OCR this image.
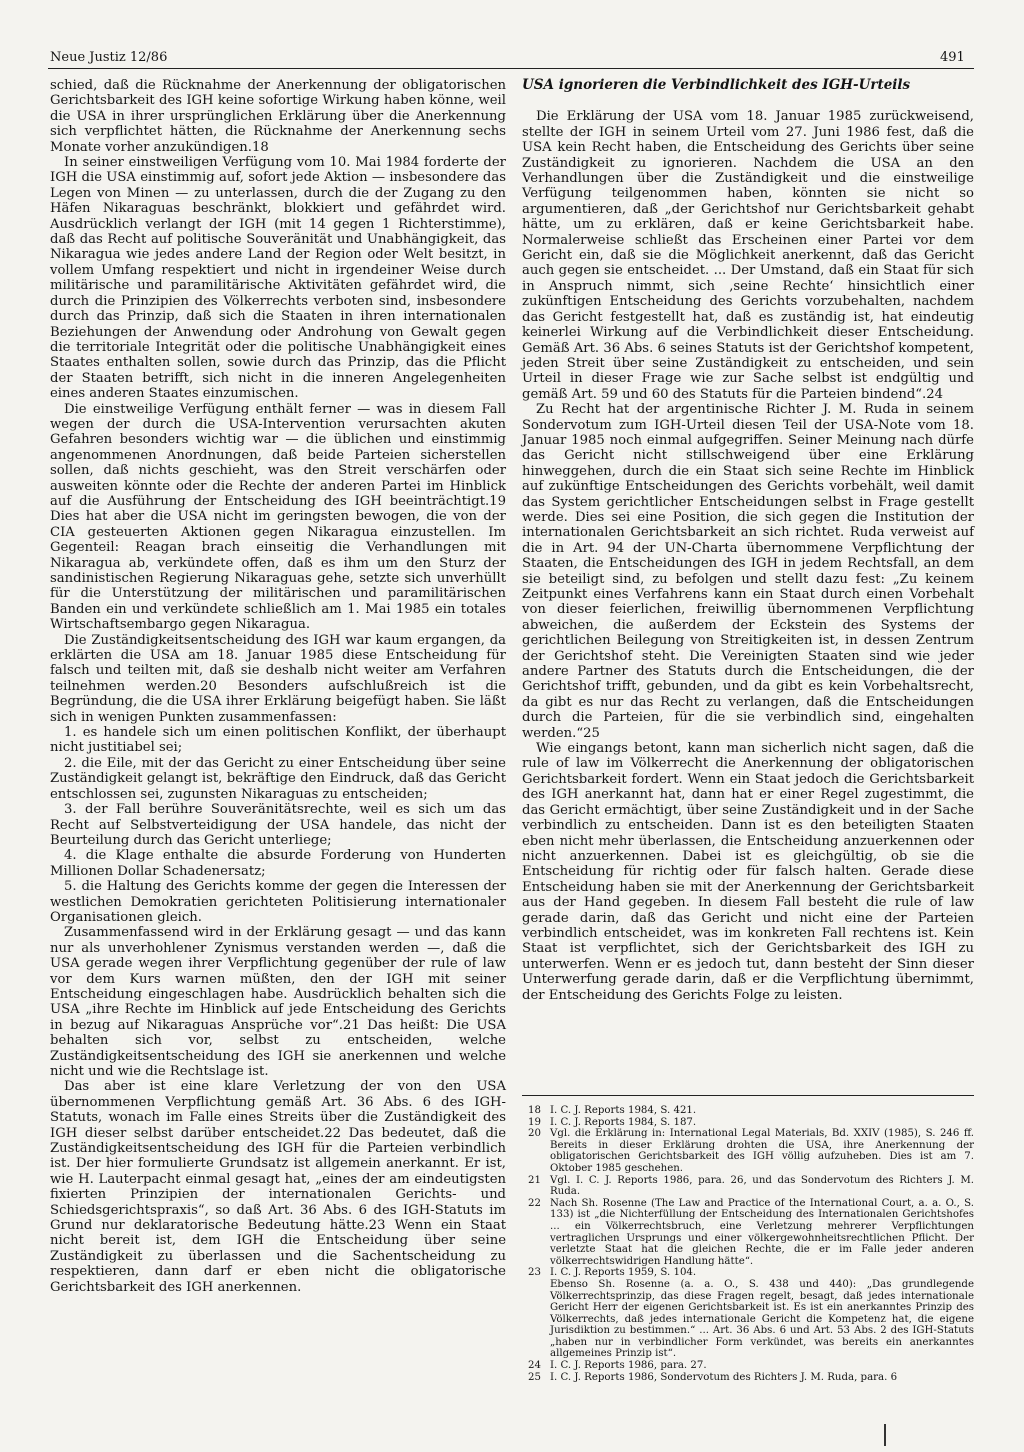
Neue Justiz 12/86	491

schied, daß die Rücknahme der Anerkennung der obligatorischen Gerichtsbarkeit des IGH keine sofortige Wirkung haben könne, weil die USA in ihrer ursprünglichen Erklärung über die Anerkennung sich verpflichtet hätten, die Rücknahme der Anerkennung sechs Monate vorher anzukündigen.18

In seiner einstweiligen Verfügung vom 10. Mai 1984 forderte der IGH die USA einstimmig auf, sofort jede Aktion — insbesondere das Legen von Minen — zu unterlassen, durch die der Zugang zu den Häfen Nikaraguas beschränkt, blokkiert und gefährdet wird. Ausdrücklich verlangt der IGH (mit 14 gegen 1 Richterstimme), daß das Recht auf politische Souveränität und Unabhängigkeit, das Nikaragua wie jedes andere Land der Region oder Welt besitzt, in vollem Umfang respektiert und nicht in irgendeiner Weise durch militärische und paramilitärische Aktivitäten gefährdet wird, die durch die Prinzipien des Völkerrechts verboten sind, insbesondere durch das Prinzip, daß sich die Staaten in ihren internationalen Beziehungen der Anwendung oder Androhung von Gewalt gegen die territoriale Integrität oder die politische Unabhängigkeit eines Staates enthalten sollen, sowie durch das Prinzip, das die Pflicht der Staaten betrifft, sich nicht in die inneren Angelegenheiten eines anderen Staates einzumischen.

Die einstweilige Verfügung enthält ferner — was in diesem Fall wegen der durch die USA-Intervention verursachten akuten Gefahren besonders wichtig war — die üblichen und einstimmig angenommenen Anordnungen, daß beide Parteien sicherstellen sollen, daß nichts geschieht, was den Streit verschärfen oder ausweiten könnte oder die Rechte der anderen Partei im Hinblick auf die Ausführung der Entscheidung des IGH beeinträchtigt.19 Dies hat aber die USA nicht im geringsten bewogen, die von der CIA gesteuerten Aktionen gegen Nikaragua einzustellen. Im Gegenteil: Reagan brach einseitig die Verhandlungen mit Nikaragua ab, verkündete offen, daß es ihm um den Sturz der sandinistischen Regierung Nikaraguas gehe, setzte sich unverhüllt für die Unterstützung der militärischen und paramilitärischen Banden ein und verkündete schließlich am 1. Mai 1985 ein totales Wirtschaftsembargo gegen Nikaragua.

Die Zuständigkeitsentscheidung des IGH war kaum ergangen, da erklärten die USA am 18. Januar 1985 diese Entscheidung für falsch und teilten mit, daß sie deshalb nicht weiter am Verfahren teilnehmen werden.20 Besonders aufschlußreich ist die Begründung, die die USA ihrer Erklärung beigefügt haben. Sie läßt sich in wenigen Punkten zusammenfassen:

1. es handele sich um einen politischen Konflikt, der überhaupt nicht justitiabel sei;

2. die Eile, mit der das Gericht zu einer Entscheidung über seine Zuständigkeit gelangt ist, bekräftige den Eindruck, daß das Gericht entschlossen sei, zugunsten Nikaraguas zu entscheiden;

3. der Fall berühre Souveränitätsrechte, weil es sich um das Recht auf Selbstverteidigung der USA handele, das nicht der Beurteilung durch das Gericht unterliege;

4. die Klage enthalte die absurde Forderung von Hunderten Millionen Dollar Schadenersatz;

5. die Haltung des Gerichts komme der gegen die Interessen der westlichen Demokratien gerichteten Politisierung internationaler Organisationen gleich.

Zusammenfassend wird in der Erklärung gesagt — und das kann nur als unverhohlener Zynismus verstanden werden —, daß die USA gerade wegen ihrer Verpflichtung gegenüber der rule of law vor dem Kurs warnen müßten, den der IGH mit seiner Entscheidung eingeschlagen habe. Ausdrücklich behalten sich die USA „ihre Rechte im Hinblick auf jede Entscheidung des Gerichts in bezug auf Nikaraguas Ansprüche vor“.21 Das heißt: Die USA behalten sich vor, selbst zu entscheiden, welche Zuständigkeitsentscheidung des IGH sie anerkennen und welche nicht und wie die Rechtslage ist.

Das aber ist eine klare Verletzung der von den USA übernommenen Verpflichtung gemäß Art. 36 Abs. 6 des IGH-Statuts, wonach im Falle eines Streits über die Zuständigkeit des IGH dieser selbst darüber entscheidet.22 Das bedeutet, daß die Zuständigkeitsentscheidung des IGH für die Parteien verbindlich ist. Der hier formulierte Grundsatz ist allgemein anerkannt. Er ist, wie H. Lauterpacht einmal gesagt hat, „eines der am eindeutigsten fixierten Prinzipien der internationalen Gerichts- und Schiedsgerichtspraxis“, so daß Art. 36 Abs. 6 des IGH-Statuts im Grund nur deklaratorische Bedeutung hätte.23 Wenn ein Staat nicht bereit ist, dem IGH die Entscheidung über seine Zuständigkeit zu überlassen und die Sachentscheidung zu respektieren, dann darf er eben nicht die obligatorische Gerichtsbarkeit des IGH anerkennen.

USA ignorieren die Verbindlichkeit des IGH-Urteils

Die Erklärung der USA vom 18. Januar 1985 zurückweisend, stellte der IGH in seinem Urteil vom 27. Juni 1986 fest, daß die USA kein Recht haben, die Entscheidung des Gerichts über seine Zuständigkeit zu ignorieren. Nachdem die USA an den Verhandlungen über die Zuständigkeit und die einstweilige Verfügung teilgenommen haben, könnten sie nicht so argumentieren, daß „der Gerichtshof nur Gerichtsbarkeit gehabt hätte, um zu erklären, daß er keine Gerichtsbarkeit habe. Normalerweise schließt das Erscheinen einer Partei vor dem Gericht ein, daß sie die Möglichkeit anerkennt, daß das Gericht auch gegen sie entscheidet. ... Der Umstand, daß ein Staat für sich in Anspruch nimmt, sich ‚seine Rechte‘ hinsichtlich einer zukünftigen Entscheidung des Gerichts vorzubehalten, nachdem das Gericht festgestellt hat, daß es zuständig ist, hat eindeutig keinerlei Wirkung auf die Verbindlichkeit dieser Entscheidung. Gemäß Art. 36 Abs. 6 seines Statuts ist der Gerichtshof kompetent, jeden Streit über seine Zuständigkeit zu entscheiden, und sein Urteil in dieser Frage wie zur Sache selbst ist endgültig und gemäß Art. 59 und 60 des Statuts für die Parteien bindend“.24

Zu Recht hat der argentinische Richter J. M. Ruda in seinem Sondervotum zum IGH-Urteil diesen Teil der USA-Note vom 18. Januar 1985 noch einmal aufgegriffen. Seiner Meinung nach dürfe das Gericht nicht stillschweigend über eine Erklärung hinweggehen, durch die ein Staat sich seine Rechte im Hinblick auf zukünftige Entscheidungen des Gerichts vorbehält, weil damit das System gerichtlicher Entscheidungen selbst in Frage gestellt werde. Dies sei eine Position, die sich gegen die Institution der internationalen Gerichtsbarkeit an sich richtet. Ruda verweist auf die in Art. 94 der UN-Charta übernommene Verpflichtung der Staaten, die Entscheidungen des IGH in jedem Rechtsfall, an dem sie beteiligt sind, zu befolgen und stellt dazu fest: „Zu keinem Zeitpunkt eines Verfahrens kann ein Staat durch einen Vorbehalt von dieser feierlichen, freiwillig übernommenen Verpflichtung abweichen, die außerdem der Eckstein des Systems der gerichtlichen Beilegung von Streitigkeiten ist, in dessen Zentrum der Gerichtshof steht. Die Vereinigten Staaten sind wie jeder andere Partner des Statuts durch die Entscheidungen, die der Gerichtshof trifft, gebunden, und da gibt es kein Vorbehaltsrecht, da gibt es nur das Recht zu verlangen, daß die Entscheidungen durch die Parteien, für die sie verbindlich sind, eingehalten werden.“25

Wie eingangs betont, kann man sicherlich nicht sagen, daß die rule of law im Völkerrecht die Anerkennung der obligatorischen Gerichtsbarkeit fordert. Wenn ein Staat jedoch die Gerichtsbarkeit des IGH anerkannt hat, dann hat er einer Regel zugestimmt, die das Gericht ermächtigt, über seine Zuständigkeit und in der Sache verbindlich zu entscheiden. Dann ist es den beteiligten Staaten eben nicht mehr überlassen, die Entscheidung anzuerkennen oder nicht anzuerkennen. Dabei ist es gleichgültig, ob sie die Entscheidung für richtig oder für falsch halten. Gerade diese Entscheidung haben sie mit der Anerkennung der Gerichtsbarkeit aus der Hand gegeben. In diesem Fall besteht die rule of law gerade darin, daß das Gericht und nicht eine der Parteien verbindlich entscheidet, was im konkreten Fall rechtens ist. Kein Staat ist verpflichtet, sich der Gerichtsbarkeit des IGH zu unterwerfen. Wenn er es jedoch tut, dann besteht der Sinn dieser Unterwerfung gerade darin, daß er die Verpflichtung übernimmt, der Entscheidung des Gerichts Folge zu leisten.

18 I. C. J. Reports 1984, S. 421.
19 I. C. J. Reports 1984, S. 187.
20 Vgl. die Erklärung in: International Legal Materials, Bd. XXIV (1985), S. 246 ff. Bereits in dieser Erklärung drohten die USA, ihre Anerkennung der obligatorischen Gerichtsbarkeit des IGH völlig aufzuheben. Dies ist am 7. Oktober 1985 geschehen.
21 Vgl. I. C. J. Reports 1986, para. 26, und das Sondervotum des Richters J. M. Ruda.
22 Nach Sh. Rosenne (The Law and Practice of the International Court, a. a. O., S. 133) ist „die Nichterfüllung der Entscheidung des Internationalen Gerichtshofes ... ein Völkerrechtsbruch, eine Verletzung mehrerer Verpflichtungen vertraglichen Ursprungs und einer völkergewohnheitsrechtlichen Pflicht. Der verletzte Staat hat die gleichen Rechte, die er im Falle jeder anderen völkerrechtswidrigen Handlung hätte“.
23 I. C. J. Reports 1959, S. 104.
Ebenso Sh. Rosenne (a. a. O., S. 438 und 440): „Das grundlegende Völkerrechtsprinzip, das diese Fragen regelt, besagt, daß jedes internationale Gericht Herr der eigenen Gerichtsbarkeit ist. Es ist ein anerkanntes Prinzip des Völkerrechts, daß jedes internationale Gericht die Kompetenz hat, die eigene Jurisdiktion zu bestimmen.“ ... Art. 36 Abs. 6 und Art. 53 Abs. 2 des IGH-Statuts „haben nur in verbindlicher Form verkündet, was bereits ein anerkanntes allgemeines Prinzip ist“.
24 I. C. J. Reports 1986, para. 27.
25 I. C. J. Reports 1986, Sondervotum des Richters J. M. Ruda, para. 6
